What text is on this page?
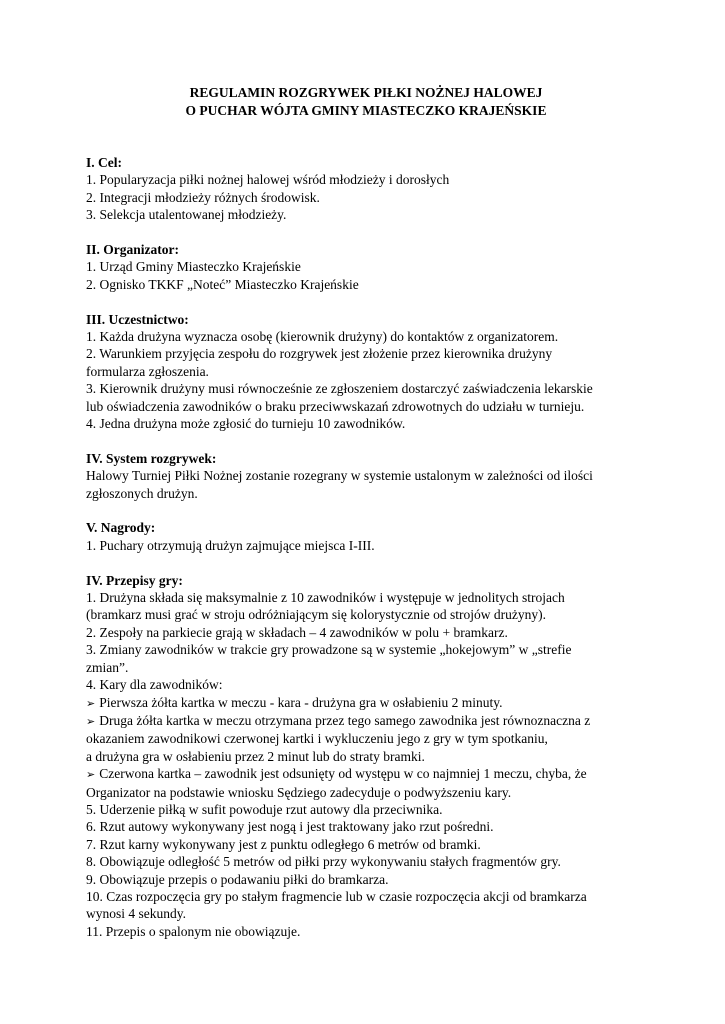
REGULAMIN ROZGRYWEK PIŁKI NOŻNEJ HALOWEJ

O PUCHAR WÓJTA GMINY MIASTECZKO KRAJEŃSKIE

I. Cel:

1. Popularyzacja piłki nożnej halowej wśród młodzieży i dorosłych

2. Integracji młodzieży różnych środowisk.

3. Selekcja utalentowanej młodzieży.

II. Organizator:

1. Urząd Gminy Miasteczko Krajeńskie

2. Ognisko TKKF „Noteć” Miasteczko Krajeńskie

III. Uczestnictwo:

1. Każda drużyna wyznacza osobę (kierownik drużyny) do kontaktów z organizatorem.

2. Warunkiem przyjęcia zespołu do rozgrywek jest złożenie przez kierownika drużyny

formularza zgłoszenia.

3. Kierownik drużyny musi równocześnie ze zgłoszeniem dostarczyć zaświadczenia lekarskie

lub oświadczenia zawodników o braku przeciwwskazań zdrowotnych do udziału w turnieju.

4. Jedna drużyna może zgłosić do turnieju 10 zawodników.

IV. System rozgrywek:

Halowy Turniej Piłki Nożnej zostanie rozegrany w systemie ustalonym w zależności od ilości

zgłoszonych drużyn.

V. Nagrody:

1. Puchary otrzymują drużyn zajmujące miejsca I-III.

IV. Przepisy gry:

1. Drużyna składa się maksymalnie z 10 zawodników i występuje w jednolitych strojach

(bramkarz musi grać w stroju odróżniającym się kolorystycznie od strojów drużyny).

2. Zespoły na parkiecie grają w składach – 4 zawodników w polu + bramkarz.

3. Zmiany zawodników w trakcie gry prowadzone są w systemie „hokejowym” w „strefie

zmian”.

4. Kary dla zawodników:

➢ Pierwsza żółta kartka w meczu - kara - drużyna gra w osłabieniu 2 minuty.

➢ Druga żółta kartka w meczu otrzymana przez tego samego zawodnika jest równoznaczna z

okazaniem zawodnikowi czerwonej kartki i wykluczeniu jego z gry w tym spotkaniu,

a drużyna gra w osłabieniu przez 2 minut lub do straty bramki.

➢ Czerwona kartka – zawodnik jest odsunięty od występu w co najmniej 1 meczu, chyba, że

Organizator na podstawie wniosku Sędziego zadecyduje o podwyższeniu kary.

5. Uderzenie piłką w sufit powoduje rzut autowy dla przeciwnika.

6. Rzut autowy wykonywany jest nogą i jest traktowany jako rzut pośredni.

7. Rzut karny wykonywany jest z punktu odległego 6 metrów od bramki.

8. Obowiązuje odległość 5 metrów od piłki przy wykonywaniu stałych fragmentów gry.

9. Obowiązuje przepis o podawaniu piłki do bramkarza.

10. Czas rozpoczęcia gry po stałym fragmencie lub w czasie rozpoczęcia akcji od bramkarza

wynosi 4 sekundy.

11. Przepis o spalonym nie obowiązuje.
